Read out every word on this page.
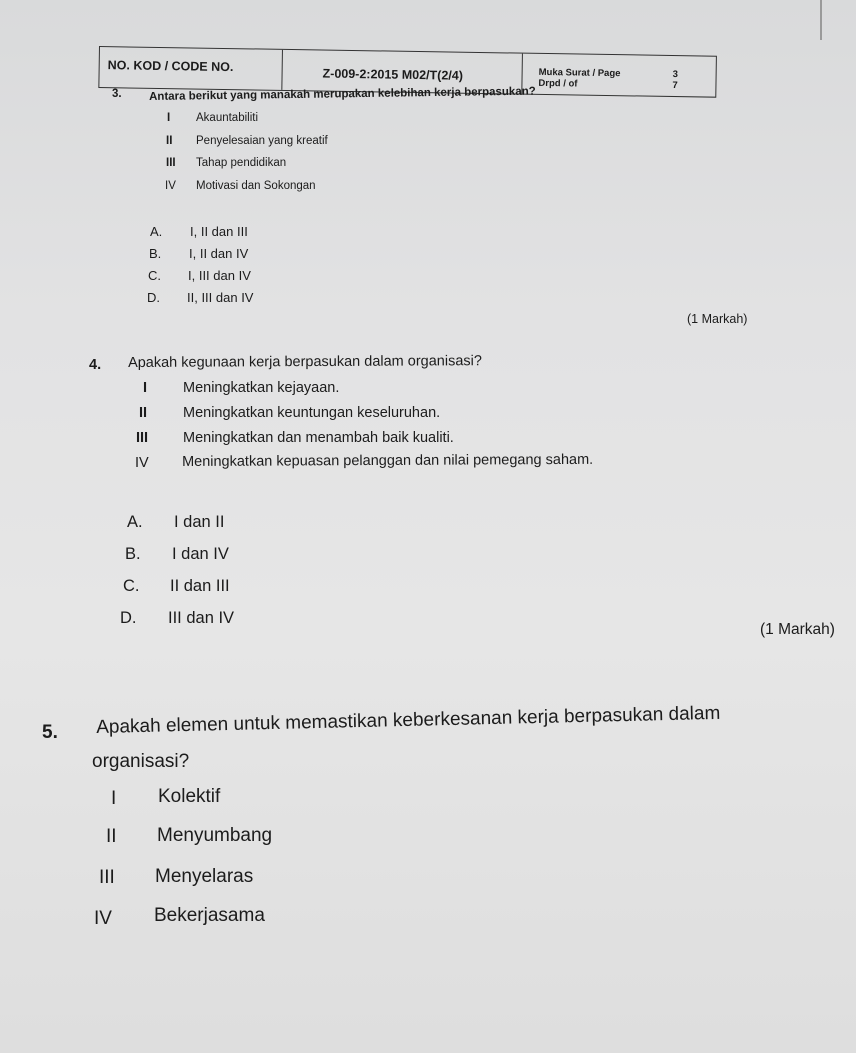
NO. KOD / CODE NO.
Z-009-2:2015 M02/T(2/4)	Muka Surat / Page	3
Drpd / of	7
3. Antara berikut yang manakah merupakan kelebihan kerja berpasukan?
I Akauntabiliti
II Penyelesaian yang kreatif
III Tahap pendidikan
IV Motivasi dan Sokongan
A. I, II dan III
B. I, II dan IV
C. I, III dan IV
D. II, III dan IV
(1 Markah)
4. Apakah kegunaan kerja berpasukan dalam organisasi?
I Meningkatkan kejayaan.
II Meningkatkan keuntungan keseluruhan.
III Meningkatkan dan menambah baik kualiti.
IV Meningkatkan kepuasan pelanggan dan nilai pemegang saham.
A. I dan II
B. I dan IV
C. II dan III
D. III dan IV
(1 Markah)
5. Apakah elemen untuk memastikan keberkesanan kerja berpasukan dalam
organisasi?
I Kolektif
II Menyumbang
III Menyelaras
IV Bekerjasama
